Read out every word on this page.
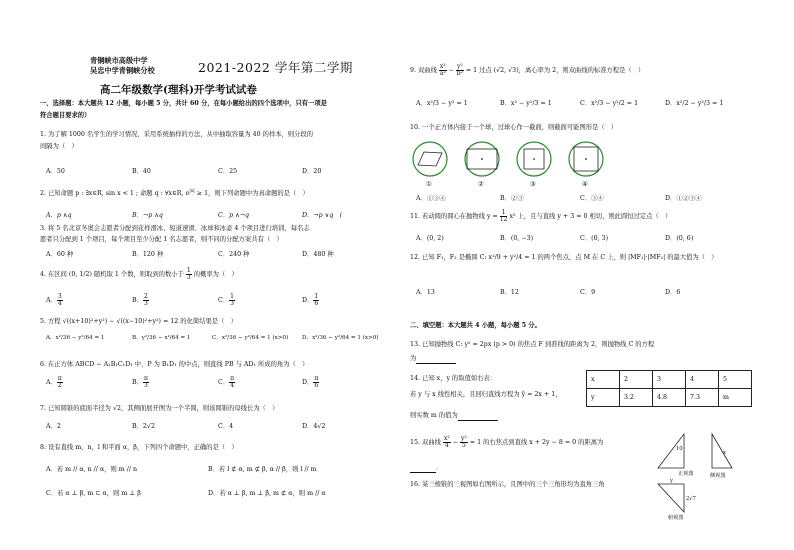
青铜峡市高级中学
吴忠中学青铜峡分校	2021-2022 学年第二学期
高二年级数学(理科)开学考试试卷
一、选择题：本大题共 12 小题，每小题 5 分，共计 60 分，在每小题给出的四个选项中，只有一项是
符合题目要求的）
1. 为了解 1000 名学生的学习情况，采用系统抽样的方法，从中抽取容量为 40 的样本，则分段的
间隔为（　）
A．50	B．40	C．25	D．20
2. 已知命题 p : ∃x∈R, sin x < 1 ; 命题 q : ∀x∈R, $e^{|x|} \ge 1$，则下列命题中为真命题的是（　）
A．p ∧q	B．¬p ∧q	C．p ∧¬q	D．¬p ∨q　(
3. 将 5 名北京冬奥会志愿者分配到花样滑冰、短道速滑、冰球和冰壶 4 个项目进行培训，每名志
愿者只分配到 1 个项目，每个项目至少分配 1 名志愿者，则不同的分配方案共有（　）
A．60 种	B．120 种	C．240 种	D．480 种
4. 在区间 (0, 1/2) 随机取 1 个数，则取到的数小于 $\frac{1}{3}$ 的概率为（　）
A． $\frac{3}{4}$	B． $\frac{2}{3}$	C． $\frac{1}{3}$	D． $\frac{1}{6}$
5. 方程 √((x+10)²+y²) − √((x−10)²+y²) = 12 的化简结果是（　）
A．x²/36 − y²/64 = 1	B．y²/36 − x²/64 = 1	C．x²/36 − y²/64 = 1 (x>0) D．x²/36 − y²/64 = 1 (x>0)
6. 在正方体 ABCD − A₁B₁C₁D₁ 中，P 为 B₁D₁ 的中点，则直线 PB 与 AD₁ 所成的角为（　）
A． $\frac{\pi}{2}$	B． $\frac{\pi}{3}$	C． $\frac{\pi}{4}$	D． $\frac{\pi}{6}$
7. 已知圆锥的底面半径为 √2，其侧面展开图为一个半圆，则该圆锥的母线长为（　）
A．2	B．2√2	C．4	D．4√2
8. 设有直线 m，n，l 和平面 α，β，下列四个命题中，正确的是（　）
A．若 m // α, n // α，则 m // n	B．若 l ⊄ α, m ⊄ β, α // β，则 l // m
C．若 α ⊥ β, m ⊂ α，则 m ⊥ β	D．若 α ⊥ β, m ⊥ β, m ⊄ α，则 m // α
9. 双曲线 $\frac{\text{x²}}{\text{a²}} - \frac{\text{y²}}{\text{b²}} = 1$ 过点 (√2, √3)，离心率为 2，则双曲线的标准方程是（　）
A．x²/3 − y² = 1	B．x² − y²/3 = 1	C．x²/3 − y²/2 = 1	D．x²/2 − y²/3 = 1
10. 一个正方体内接于一个球，过球心作一截面，则截面可能图形是（　）
①	②	③	④
A．①③④	B．②③	C．③④	D．①②③④
11. 若动圆的圆心在抛物线 $y = \frac{1}{12} x^2$ 上，且与直线 y + 3 = 0 相切，则此圆恒过定点（　）
A．(0, 2)	B．(0, −3)	C．(0, 3)	D．(0, 6)
12. 已知 F₁，F₂ 是椭圆 C: x²/9 + y²/4 = 1 的两个焦点，点 M 在 C 上，则 |MF₁|·|MF₂| 的最大值为（　）
A．13	B．12	C．9	D．6
二、填空题：本大题共 4 小题，每小题 5 分。
13. 已知抛物线 C: y² = 2px (p > 0) 的焦点 F 到准线的距离为 2，则抛物线 C 的方程
为
14. 已知 x，y 的取值如右表：
若 y 与 x 线性相关，且回归直线方程为 ŷ = 2x + 1，
则实数 m 的值为
x	2	3	4	5
y	3.2	4.8	7.3	m
15. 双曲线 $\frac{\text{x²}}{4} - \frac{\text{y²}}{5} = 1$ 的右焦点到直线 x + 2y − 8 = 0 的距离为
．
16. 某三棱锥的三视图如右图所示，且图中的三个三角形均为直角三角
10
x
正视图	侧视图
y
2√7
俯视图
